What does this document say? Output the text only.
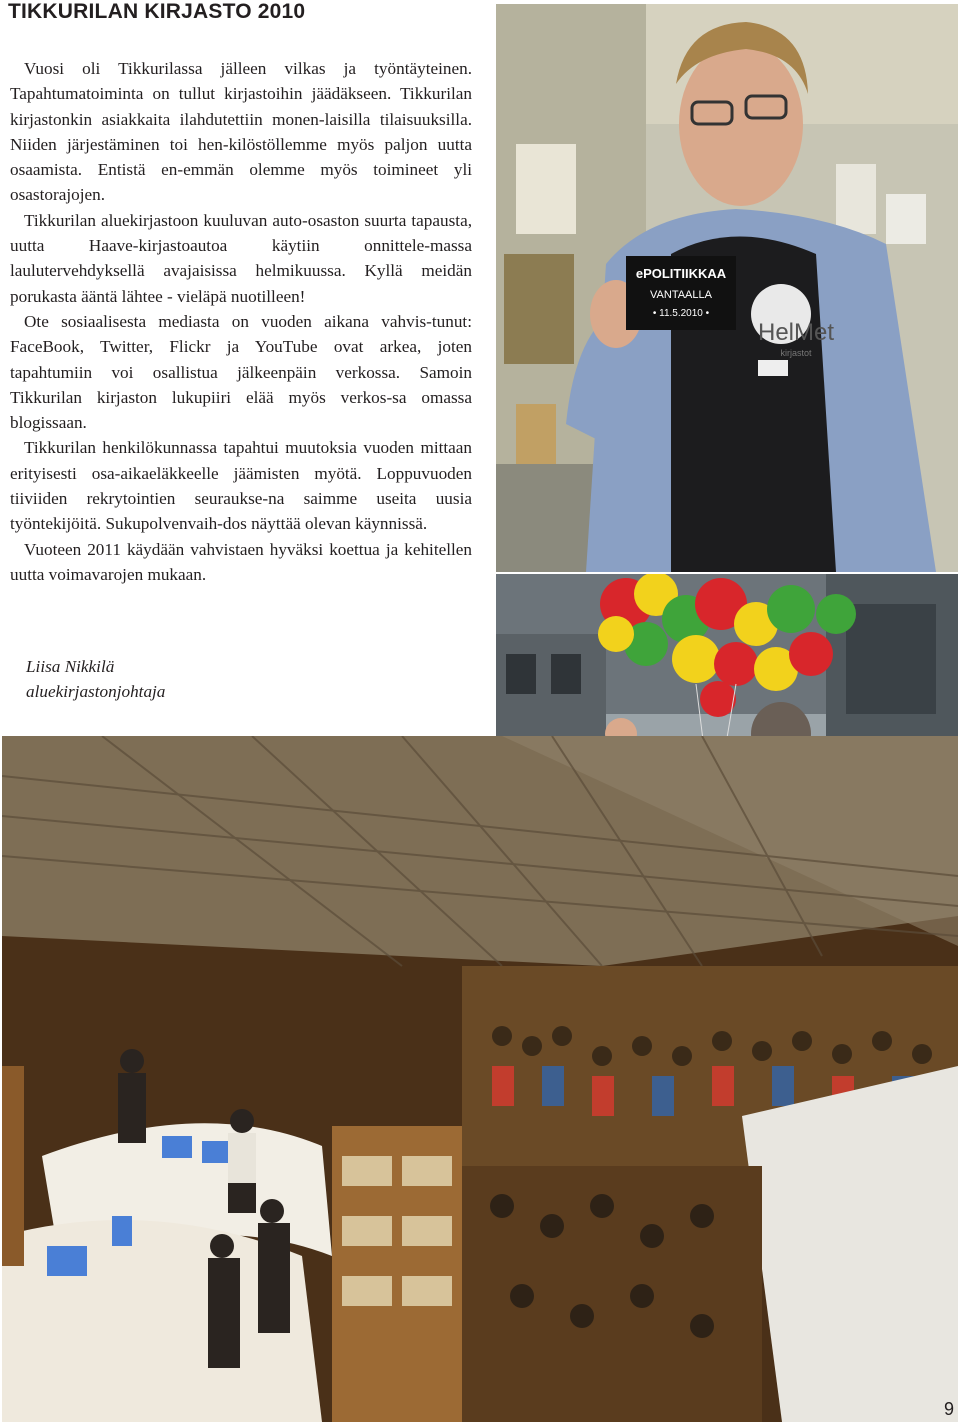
TIKKURILAN KIRJASTO 2010

Vuosi oli Tikkurilassa jälleen vilkas ja työntäyteinen. Tapahtumatoiminta on tullut kirjastoihin jäädäkseen. Tikkurilan kirjastonkin asiakkaita ilahdutettiin monen-laisilla tilaisuuksilla. Niiden järjestäminen toi hen-kilöstöllemme myös paljon uutta osaamista. Entistä en-emmän olemme myös toimineet yli osastorajojen.

Tikkurilan aluekirjastoon kuuluvan auto-osaston suurta tapausta, uutta Haave-kirjastoautoa käytiin onnittele-massa laulutervehdyksellä avajaisissa helmikuussa. Kyllä meidän porukasta ääntä lähtee - vieläpä nuotilleen!

Ote sosiaalisesta mediasta on vuoden aikana vahvis-tunut: FaceBook, Twitter, Flickr ja YouTube ovat arkea, joten tapahtumiin voi osallistua jälkeenpäin verkossa. Samoin Tikkurilan kirjaston lukupiiri elää myös verkos-sa omassa blogissaan.

Tikkurilan henkilökunnassa tapahtui muutoksia vuoden mittaan erityisesti osa-aikaeläkkeelle jäämisten myötä. Loppuvuoden tiiviiden rekrytointien seuraukse-na saimme useita uusia työntekijöitä. Sukupolvenvaih-dos näyttää olevan käynnissä.

Vuoteen 2011 käydään vahvistaen hyväksi koettua ja kehitellen uutta voimavarojen mukaan.

Liisa Nikkilä
aluekirjastonjohtaja
ePOLITIIKKAA
VANTAALLA
• 11.5.2010 •
HelMet
kirjastot
9
